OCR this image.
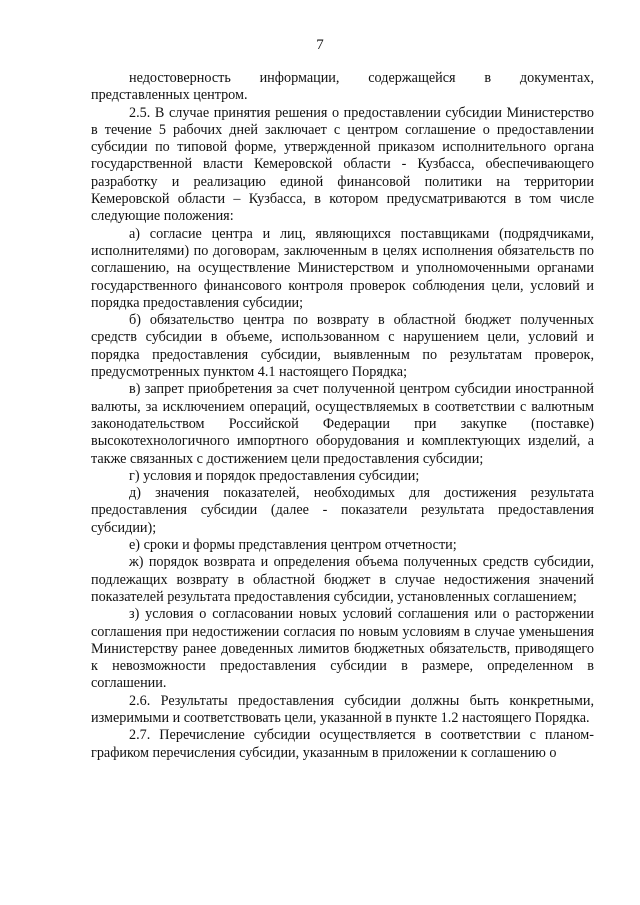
7

недостоверность информации, содержащейся в документах, представленных центром.

2.5. В случае принятия решения о предоставлении субсидии Министерство в течение 5 рабочих дней заключает с центром соглашение о предоставлении субсидии по типовой форме, утвержденной приказом исполнительного органа государственной власти Кемеровской области - Кузбасса, обеспечивающего разработку и реализацию единой финансовой политики на территории Кемеровской области – Кузбасса, в котором предусматриваются в том числе следующие положения:

а) согласие центра и лиц, являющихся поставщиками (подрядчиками, исполнителями) по договорам, заключенным в целях исполнения обязательств по соглашению, на осуществление Министерством и уполномоченными органами государственного финансового контроля проверок соблюдения цели, условий и порядка предоставления субсидии;

б) обязательство центра по возврату в областной бюджет полученных средств субсидии в объеме, использованном с нарушением цели, условий и порядка предоставления субсидии, выявленным по результатам проверок, предусмотренных пунктом 4.1 настоящего Порядка;

в) запрет приобретения за счет полученной центром субсидии иностранной валюты, за исключением операций, осуществляемых в соответствии с валютным законодательством Российской Федерации при закупке (поставке) высокотехнологичного импортного оборудования и комплектующих изделий, а также связанных с достижением цели предоставления субсидии;

г) условия и порядок предоставления субсидии;

д) значения показателей, необходимых для достижения результата предоставления субсидии (далее - показатели результата предоставления субсидии);

е) сроки и формы представления центром отчетности;

ж) порядок возврата и определения объема полученных средств субсидии, подлежащих возврату в областной бюджет в случае недостижения значений показателей результата предоставления субсидии, установленных соглашением;

з) условия о согласовании новых условий соглашения или о расторжении соглашения при недостижении согласия по новым условиям в случае уменьшения Министерству ранее доведенных лимитов бюджетных обязательств, приводящего к невозможности предоставления субсидии в размере, определенном в соглашении.

2.6. Результаты предоставления субсидии должны быть конкретными, измеримыми и соответствовать цели, указанной в пункте 1.2 настоящего Порядка.

2.7. Перечисление субсидии осуществляется в соответствии с планом-графиком перечисления субсидии, указанным в приложении к соглашению о
